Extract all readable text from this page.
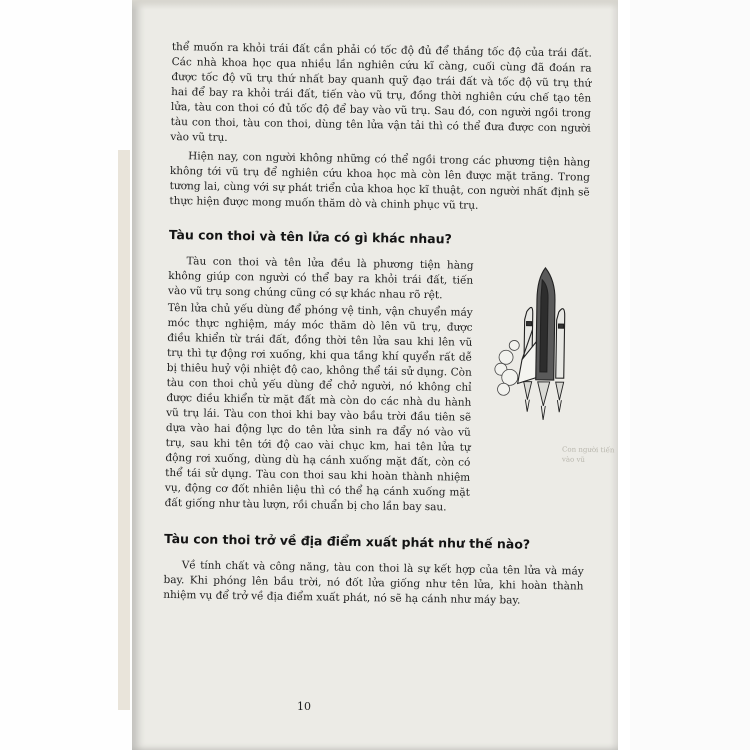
Con người tiến vào vũ

thể muốn ra khỏi trái đất cần phải có tốc độ đủ để thắng tốc độ của trái đất. Các nhà khoa học qua nhiều lần nghiên cứu kĩ càng, cuối cùng đã đoán ra được tốc độ vũ trụ thứ nhất bay quanh quỹ đạo trái đất và tốc độ vũ trụ thứ hai để bay ra khỏi trái đất, tiến vào vũ trụ, đồng thời nghiên cứu chế tạo tên lửa, tàu con thoi có đủ tốc độ để bay vào vũ trụ. Sau đó, con người ngồi trong tàu con thoi, tàu con thoi, dùng tên lửa vận tải thì có thể đưa được con người vào vũ trụ.

Hiện nay, con người không những có thể ngồi trong các phương tiện hàng không tới vũ trụ để nghiên cứu khoa học mà còn lên được mặt trăng. Trong tương lai, cùng với sự phát triển của khoa học kĩ thuật, con người nhất định sẽ thực hiện được mong muốn thăm dò và chinh phục vũ trụ.

Tàu con thoi và tên lửa có gì khác nhau?

Tàu con thoi và tên lửa đều là phương tiện hàng không giúp con người có thể bay ra khỏi trái đất, tiến vào vũ trụ song chúng cũng có sự khác nhau rõ rệt.

Tên lửa chủ yếu dùng để phóng vệ tinh, vận chuyển máy móc thực nghiệm, máy móc thăm dò lên vũ trụ, được điều khiển từ trái đất, đồng thời tên lửa sau khi lên vũ trụ thì tự động rơi xuống, khi qua tầng khí quyển rất dễ bị thiêu huỷ vội nhiệt độ cao, không thể tái sử dụng. Còn tàu con thoi chủ yếu dùng để chở người, nó không chỉ được điều khiển từ mặt đất mà còn do các nhà du hành vũ trụ lái. Tàu con thoi khi bay vào bầu trời đầu tiên sẽ dựa vào hai động lực do tên lửa sinh ra đẩy nó vào vũ trụ, sau khi tên tới độ cao vài chục km, hai tên lửa tự động rơi xuống, dùng dù hạ cánh xuống mặt đất, còn có thể tái sử dụng. Tàu con thoi sau khi hoàn thành nhiệm vụ, động cơ đốt nhiên liệu thì có thể hạ cánh xuống mặt đất giống như tàu lượn, rồi chuẩn bị cho lần bay sau.

Tàu con thoi trở về địa điểm xuất phát như thế nào?

Về tính chất và công năng, tàu con thoi là sự kết hợp của tên lửa và máy bay. Khi phóng lên bầu trời, nó đốt lửa giống như tên lửa, khi hoàn thành nhiệm vụ để trở về địa điểm xuất phát, nó sẽ hạ cánh như máy bay.

10
